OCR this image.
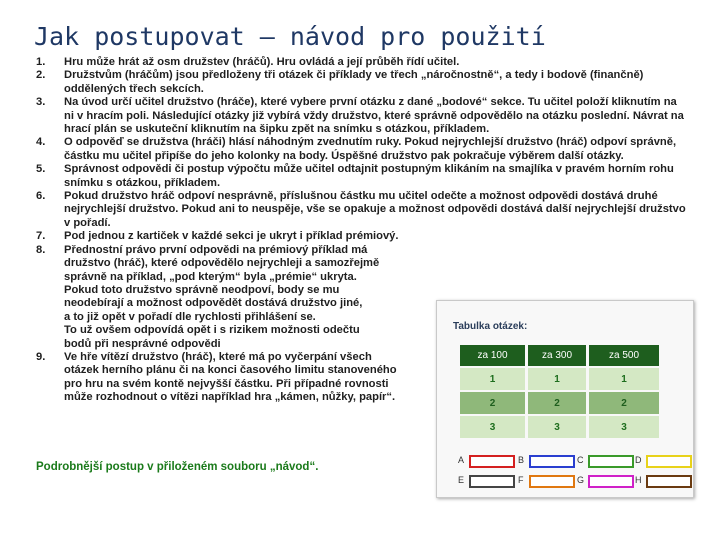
Jak postupovat – návod pro použití
1.	Hru může hrát až osm družstev (hráčů). Hru ovládá a její průběh řídí učitel.
2.	Družstvům (hráčům) jsou předloženy tři otázek či příklady ve třech „náročnostně“, a tedy i bodově (finančně) oddělených třech sekcích.
3.	Na úvod určí učitel družstvo (hráče), které vybere první otázku z dané „bodové“ sekce. Tu učitel položí kliknutím na ni v hracím poli. Následující otázky již vybírá vždy družstvo, které správně odpovědělo na otázku poslední. Návrat na hrací plán se uskuteční kliknutím na šipku zpět na snímku s otázkou, příkladem.
4.	O odpověď se družstva (hráči) hlásí náhodným zvednutím ruky. Pokud nejrychlejší družstvo (hráč) odpoví správně, částku mu učitel připíše do jeho kolonky na body. Úspěšné družstvo pak pokračuje výběrem další otázky.
5.	Správnost odpovědi či postup výpočtu může učitel odtajnit postupným klikáním na smajlíka v pravém horním rohu snímku s otázkou, příkladem.
6.	Pokud družstvo hráč odpoví nesprávně, příslušnou částku mu učitel odečte a možnost odpovědi dostává druhé nejrychlejší družstvo. Pokud ani to neuspěje, vše se opakuje a možnost odpovědi dostává další nejrychlejší družstvo v pořadí.
7.	Pod jednou z kartiček v každé sekci je ukryt i příklad prémiový.
8.	Přednostní právo první odpovědi na prémiový příklad má
družstvo (hráč), které odpovědělo nejrychleji a samozřejmě
správně na příklad, „pod kterým“ byla „prémie“ ukryta.
Pokud toto družstvo správně neodpoví, body se mu
neodebírají a možnost odpovědět dostává družstvo jiné,
a to již opět v pořadí dle rychlosti přihlášení se.
To už ovšem odpovídá opět i s rizikem možnosti odečtu
bodů při nesprávné odpovědi
9.	Ve hře vítězí družstvo (hráč), které má po vyčerpání všech
otázek herního plánu či na konci časového limitu stanoveného
pro hru na svém kontě nejvyšší částku. Při případné rovnosti
může rozhodnout o vítězi například hra „kámen, nůžky, papír“.
Podrobnější postup v přiloženém souboru „návod“.
Tabulka otázek:
za 100	za 300	za 500
1	1	1
2	2	2
3	3	3
A	B	C	D
E	F	G	H
